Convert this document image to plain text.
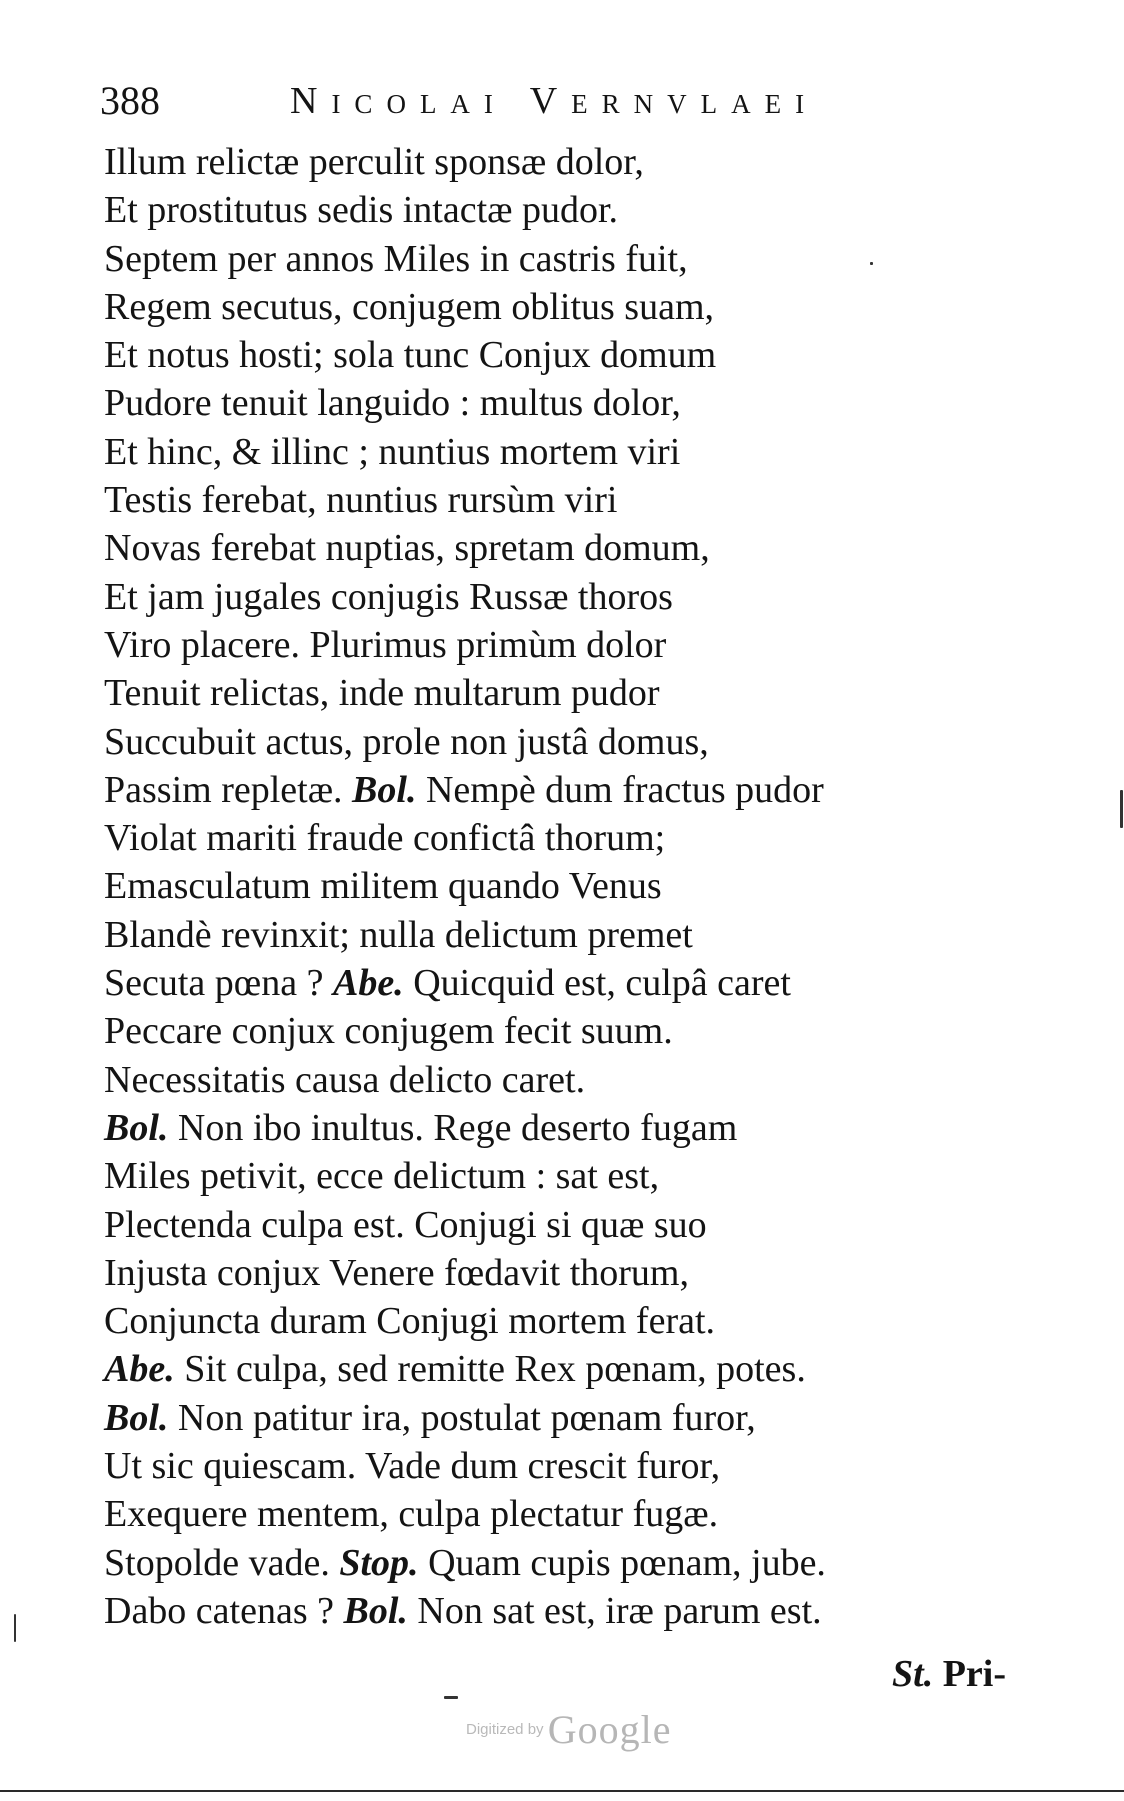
388	Nicolai Vernvlaei
Illum relictæ perculit sponsæ dolor,
Et prostitutus sedis intactæ pudor.
Septem per annos Miles in castris fuit,
Regem secutus, conjugem oblitus suam,
Et notus hosti; sola tunc Conjux domum
Pudore tenuit languido : multus dolor,
Et hinc, & illinc ; nuntius mortem viri
Testis ferebat, nuntius rursùm viri
Novas ferebat nuptias, spretam domum,
Et jam jugales conjugis Russæ thoros
Viro placere. Plurimus primùm dolor
Tenuit relictas, inde multarum pudor
Succubuit actus, prole non justâ domus,
Passim repletæ. Bol. Nempè dum fractus pudor
Violat mariti fraude confictâ thorum;
Emasculatum militem quando Venus
Blandè revinxit; nulla delictum premet
Secuta pœna ? Abe. Quicquid est, culpâ caret
Peccare conjux conjugem fecit suum.
Necessitatis causa delicto caret.
Bol. Non ibo inultus. Rege deserto fugam
Miles petivit, ecce delictum : sat est,
Plectenda culpa est. Conjugi si quæ suo
Injusta conjux Venere fœdavit thorum,
Conjuncta duram Conjugi mortem ferat.
Abe. Sit culpa, sed remitte Rex pœnam, potes.
Bol. Non patitur ira, postulat pœnam furor,
Ut sic quiescam. Vade dum crescit furor,
Exequere mentem, culpa plectatur fugæ.
Stopolde vade. Stop. Quam cupis pœnam, jube.
Dabo catenas ? Bol. Non sat est, iræ parum est.
St. Pri-
Digitized by Google
